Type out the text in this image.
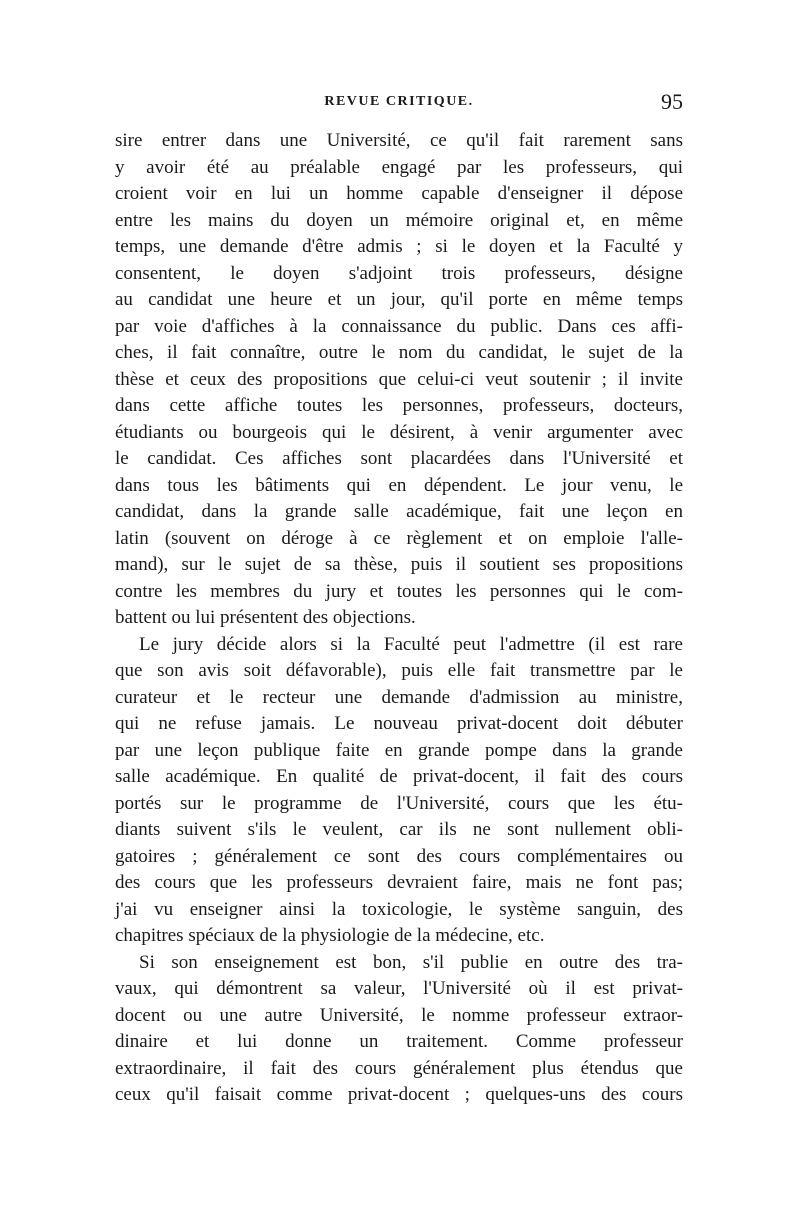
REVUE CRITIQUE.	95
sire entrer dans une Université, ce qu'il fait rarement sans
y avoir été au préalable engagé par les professeurs, qui
croient voir en lui un homme capable d'enseigner il dépose
entre les mains du doyen un mémoire original et, en même
temps, une demande d'être admis ; si le doyen et la Faculté y
consentent, le doyen s'adjoint trois professeurs, désigne
au candidat une heure et un jour, qu'il porte en même temps
par voie d'affiches à la connaissance du public. Dans ces affi-
ches, il fait connaître, outre le nom du candidat, le sujet de la
thèse et ceux des propositions que celui-ci veut soutenir ; il invite
dans cette affiche toutes les personnes, professeurs, docteurs,
étudiants ou bourgeois qui le désirent, à venir argumenter avec
le candidat. Ces affiches sont placardées dans l'Université et
dans tous les bâtiments qui en dépendent. Le jour venu, le
candidat, dans la grande salle académique, fait une leçon en
latin (souvent on déroge à ce règlement et on emploie l'alle-
mand), sur le sujet de sa thèse, puis il soutient ses propositions
contre les membres du jury et toutes les personnes qui le com-
battent ou lui présentent des objections.
Le jury décide alors si la Faculté peut l'admettre (il est rare
que son avis soit défavorable), puis elle fait transmettre par le
curateur et le recteur une demande d'admission au ministre,
qui ne refuse jamais. Le nouveau privat-docent doit débuter
par une leçon publique faite en grande pompe dans la grande
salle académique. En qualité de privat-docent, il fait des cours
portés sur le programme de l'Université, cours que les étu-
diants suivent s'ils le veulent, car ils ne sont nullement obli-
gatoires ; généralement ce sont des cours complémentaires ou
des cours que les professeurs devraient faire, mais ne font pas;
j'ai vu enseigner ainsi la toxicologie, le système sanguin, des
chapitres spéciaux de la physiologie de la médecine, etc.
Si son enseignement est bon, s'il publie en outre des tra-
vaux, qui démontrent sa valeur, l'Université où il est privat-
docent ou une autre Université, le nomme professeur extraor-
dinaire et lui donne un traitement. Comme professeur
extraordinaire, il fait des cours généralement plus étendus que
ceux qu'il faisait comme privat-docent ; quelques-uns des cours
